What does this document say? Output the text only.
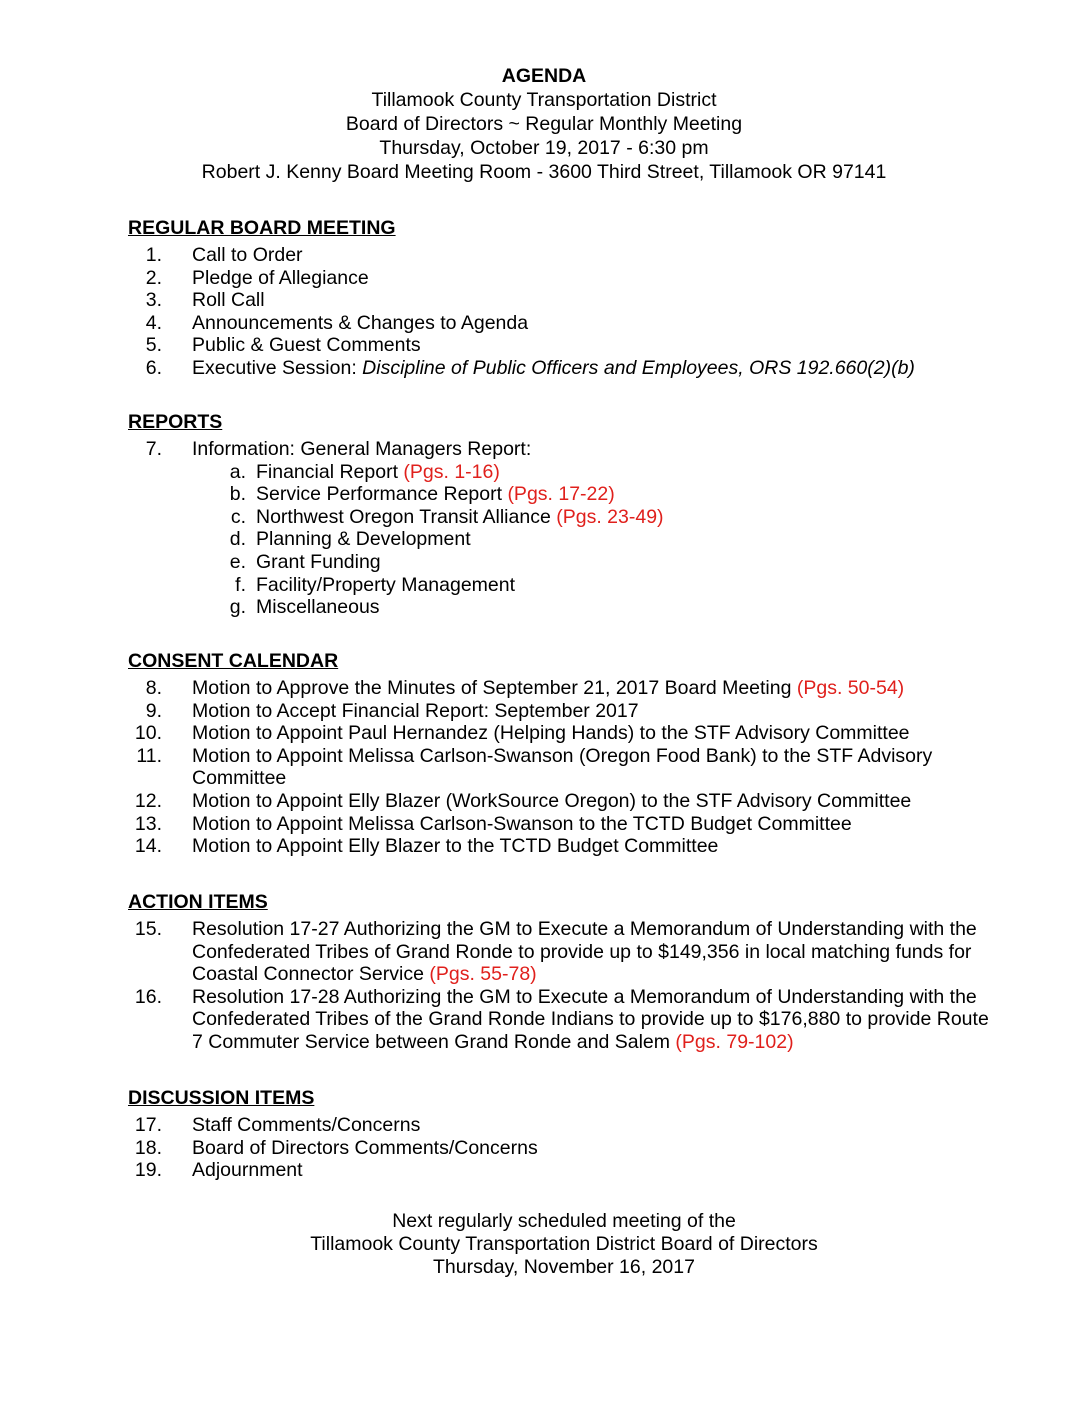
AGENDA
Tillamook County Transportation District
Board of Directors ~ Regular Monthly Meeting
Thursday, October 19, 2017 - 6:30 pm
Robert J. Kenny Board Meeting Room - 3600 Third Street, Tillamook OR 97141
REGULAR BOARD MEETING
1. Call to Order
2. Pledge of Allegiance
3. Roll Call
4. Announcements & Changes to Agenda
5. Public & Guest Comments
6. Executive Session: Discipline of Public Officers and Employees, ORS 192.660(2)(b)
REPORTS
7. Information: General Managers Report:
a. Financial Report (Pgs. 1-16)
b. Service Performance Report (Pgs. 17-22)
c. Northwest Oregon Transit Alliance (Pgs. 23-49)
d. Planning & Development
e. Grant Funding
f. Facility/Property Management
g. Miscellaneous
CONSENT CALENDAR
8. Motion to Approve the Minutes of September 21, 2017 Board Meeting (Pgs. 50-54)
9. Motion to Accept Financial Report: September 2017
10. Motion to Appoint Paul Hernandez (Helping Hands) to the STF Advisory Committee
11. Motion to Appoint Melissa Carlson-Swanson (Oregon Food Bank) to the STF Advisory Committee
12. Motion to Appoint Elly Blazer (WorkSource Oregon) to the STF Advisory Committee
13. Motion to Appoint Melissa Carlson-Swanson to the TCTD Budget Committee
14. Motion to Appoint Elly Blazer to the TCTD Budget Committee
ACTION ITEMS
15. Resolution 17-27 Authorizing the GM to Execute a Memorandum of Understanding with the Confederated Tribes of Grand Ronde to provide up to $149,356 in local matching funds for Coastal Connector Service (Pgs. 55-78)
16. Resolution 17-28 Authorizing the GM to Execute a Memorandum of Understanding with the Confederated Tribes of the Grand Ronde Indians to provide up to $176,880 to provide Route 7 Commuter Service between Grand Ronde and Salem (Pgs. 79-102)
DISCUSSION ITEMS
17. Staff Comments/Concerns
18. Board of Directors Comments/Concerns
19. Adjournment
Next regularly scheduled meeting of the
Tillamook County Transportation District Board of Directors
Thursday, November 16, 2017
